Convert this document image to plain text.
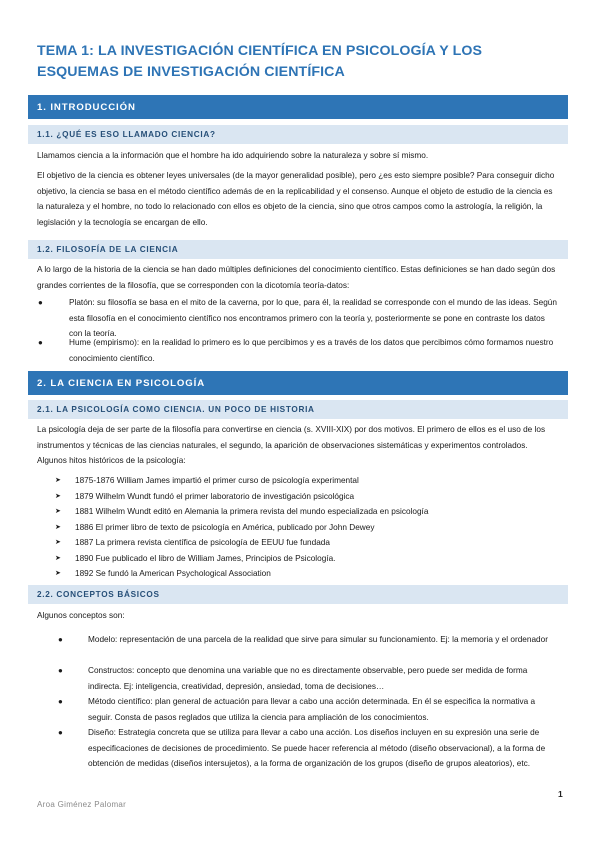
TEMA 1: LA INVESTIGACIÓN CIENTÍFICA EN PSICOLOGÍA Y LOS ESQUEMAS DE INVESTIGACIÓN CIENTÍFICA
1. INTRODUCCIÓN
1.1. ¿QUÉ ES ESO LLAMADO CIENCIA?

Llamamos ciencia a la información que el hombre ha ido adquiriendo sobre la naturaleza y sobre sí mismo.

El objetivo de la ciencia es obtener leyes universales (de la mayor generalidad posible), pero ¿es esto siempre posible? Para conseguir dicho objetivo, la ciencia se basa en el método científico además de en la replicabilidad y el consenso. Aunque el objeto de estudio de la ciencia es la naturaleza y el hombre, no todo lo relacionado con ellos es objeto de la ciencia, sino que otros campos como la astrología, la religión, la legislación y la tecnología se encargan de ello.

1.2. FILOSOFÍA DE LA CIENCIA

A lo largo de la historia de la ciencia se han dado múltiples definiciones del conocimiento científico. Estas definiciones se han dado según dos grandes corrientes de la filosofía, que se corresponden con la dicotomía teoría-datos:

●	Platón: su filosofía se basa en el mito de la caverna, por lo que, para él, la realidad se corresponde con el mundo de las ideas. Según esta filosofía en el conocimiento científico nos encontramos primero con la teoría y, posteriormente se pone en contraste los datos con la teoría.

●	Hume (empirismo): en la realidad lo primero es lo que percibimos y es a través de los datos que percibimos cómo formamos nuestro conocimiento científico.

2. LA CIENCIA EN PSICOLOGÍA
2.1. LA PSICOLOGÍA COMO CIENCIA. UN POCO DE HISTORIA

La psicología deja de ser parte de la filosofía para convertirse en ciencia (s. XVIII-XIX) por dos motivos. El primero de ellos es el uso de los instrumentos y técnicas de las ciencias naturales, el segundo, la aparición de observaciones sistemáticas y experimentos controlados. Algunos hitos históricos de la psicología:

➤ 1875-1876 William James impartió el primer curso de psicología experimental

➤ 1879 Wilhelm Wundt fundó el primer laboratorio de investigación psicológica

➤ 1881 Wilhelm Wundt editó en Alemania la primera revista del mundo especializada en psicología

➤ 1886 El primer libro de texto de psicología en América, publicado por John Dewey

➤ 1887 La primera revista científica de psicología de EEUU fue fundada

➤ 1890 Fue publicado el libro de William James, Principios de Psicología.

➤ 1892 Se fundó la American Psychological Association

2.2. CONCEPTOS BÁSICOS

Algunos conceptos son:

●	Modelo: representación de una parcela de la realidad que sirve para simular su funcionamiento. Ej: la memoria y el ordenador

●	Constructos: concepto que denomina una variable que no es directamente observable, pero puede ser medida de forma indirecta. Ej: inteligencia, creatividad, depresión, ansiedad, toma de decisiones…

●	Método científico: plan general de actuación para llevar a cabo una acción determinada. En él se especifica la normativa a seguir. Consta de pasos reglados que utiliza la ciencia para ampliación de los conocimientos.

●	Diseño: Estrategia concreta que se utiliza para llevar a cabo una acción. Los diseños incluyen en su expresión una serie de especificaciones de decisiones de procedimiento. Se puede hacer referencia al método (diseño observacional), a la forma de obtención de medidas (diseños intersujetos), a la forma de organización de los grupos (diseño de grupos aleatorios), etc.

1
Aroa Giménez Palomar
